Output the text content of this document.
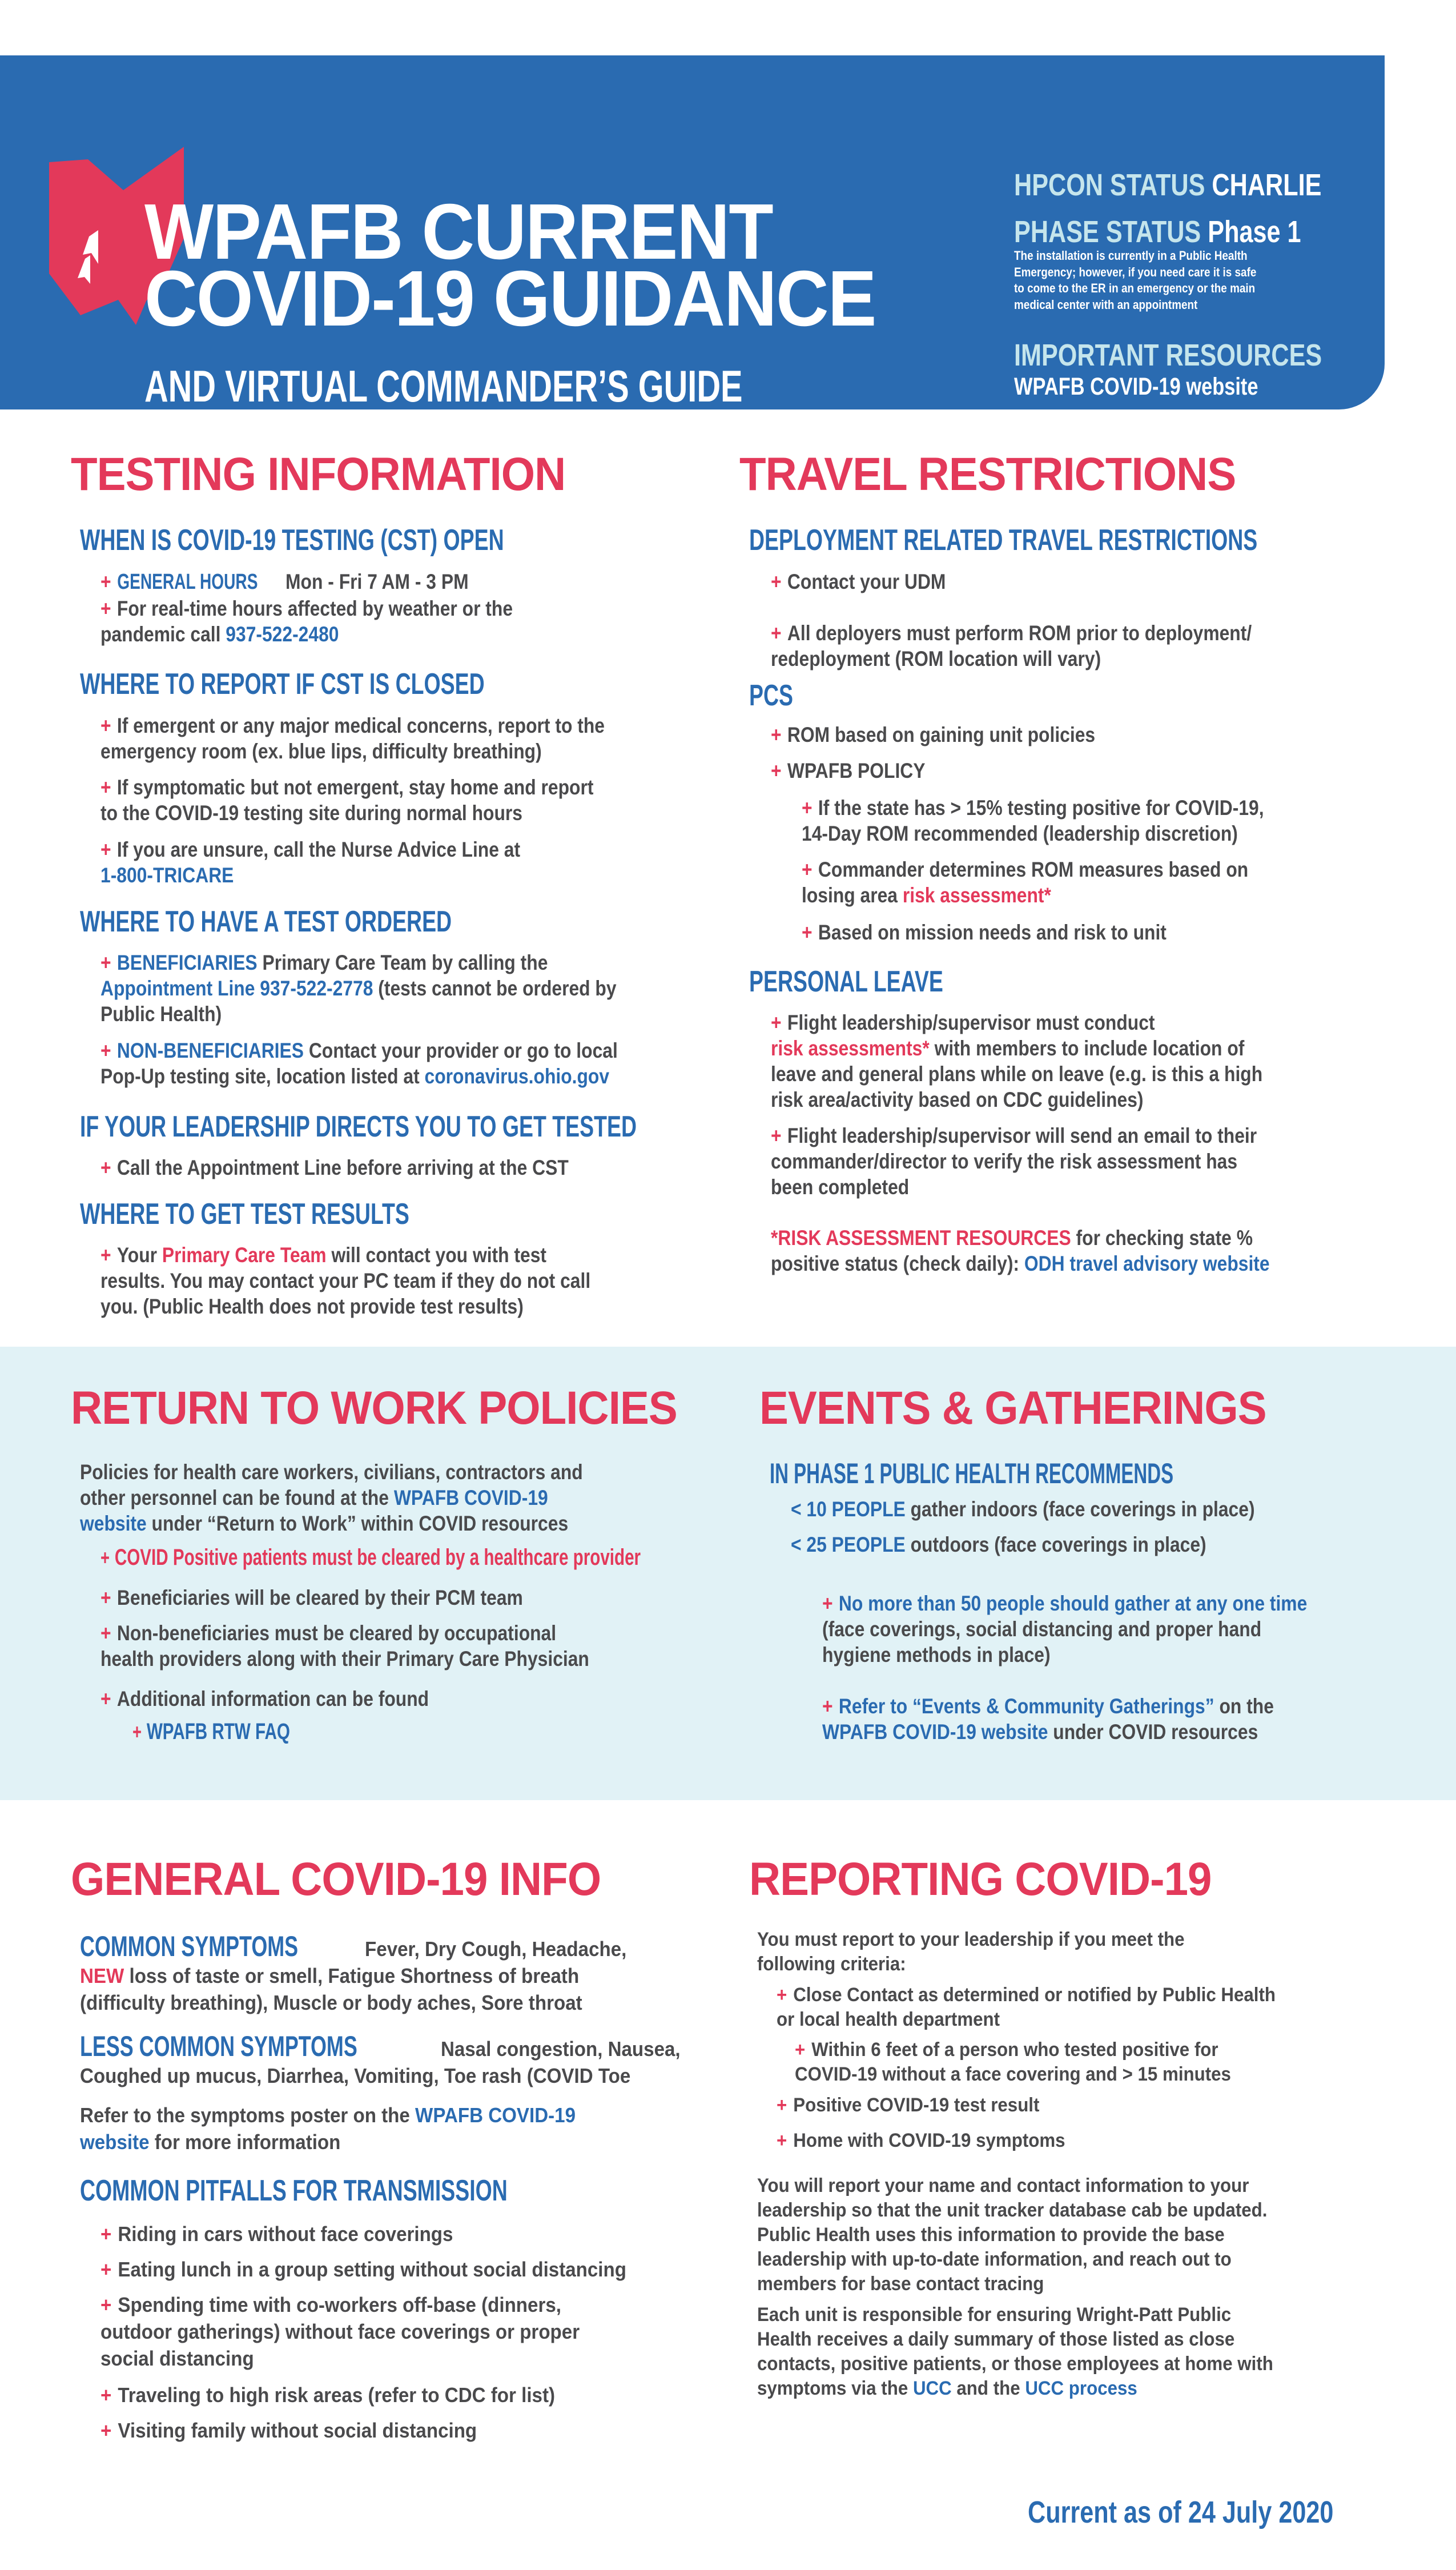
WPAFB CURRENT
COVID-19 GUIDANCE
AND VIRTUAL COMMANDER’S GUIDE
HPCON STATUS CHARLIE
PHASE STATUS Phase 1
The installation is currently in a Public Health
Emergency; however, if you need care it is safe
to come to the ER in an emergency or the main
medical center with an appointment
IMPORTANT RESOURCES
WPAFB COVID-19 website
TESTING INFORMATION
WHEN IS COVID-19 TESTING (CST) OPEN
+ GENERAL HOURS Mon - Fri 7 AM - 3 PM
+ For real-time hours affected by weather or the
pandemic call 937-522-2480
WHERE TO REPORT IF CST IS CLOSED
+ If emergent or any major medical concerns, report to the
emergency room (ex. blue lips, difficulty breathing)
+ If symptomatic but not emergent, stay home and report
to the COVID-19 testing site during normal hours
+ If you are unsure, call the Nurse Advice Line at
1-800-TRICARE
WHERE TO HAVE A TEST ORDERED
+ BENEFICIARIES Primary Care Team by calling the
Appointment Line 937-522-2778 (tests cannot be ordered by
Public Health)
+ NON-BENEFICIARIES Contact your provider or go to local
Pop-Up testing site, location listed at coronavirus.ohio.gov
IF YOUR LEADERSHIP DIRECTS YOU TO GET TESTED
+ Call the Appointment Line before arriving at the CST
WHERE TO GET TEST RESULTS
+ Your Primary Care Team will contact you with test
results. You may contact your PC team if they do not call
you. (Public Health does not provide test results)
TRAVEL RESTRICTIONS
DEPLOYMENT RELATED TRAVEL RESTRICTIONS
+ Contact your UDM
+ All deployers must perform ROM prior to deployment/
redeployment (ROM location will vary)
PCS
+ ROM based on gaining unit policies
+ WPAFB POLICY
+ If the state has > 15% testing positive for COVID-19,
14-Day ROM recommended (leadership discretion)
+ Commander determines ROM measures based on
losing area risk assessment*
+ Based on mission needs and risk to unit
PERSONAL LEAVE
+ Flight leadership/supervisor must conduct
risk assessments* with members to include location of
leave and general plans while on leave (e.g. is this a high
risk area/activity based on CDC guidelines)
+ Flight leadership/supervisor will send an email to their
commander/director to verify the risk assessment has
been completed
*RISK ASSESSMENT RESOURCES for checking state %
positive status (check daily): ODH travel advisory website
RETURN TO WORK POLICIES
Policies for health care workers, civilians, contractors and
other personnel can be found at the WPAFB COVID-19
website under “Return to Work” within COVID resources
+ COVID Positive patients must be cleared by a healthcare provider
+ Beneficiaries will be cleared by their PCM team
+ Non-beneficiaries must be cleared by occupational
health providers along with their Primary Care Physician
+ Additional information can be found
+ WPAFB RTW FAQ
EVENTS & GATHERINGS
IN PHASE 1 PUBLIC HEALTH RECOMMENDS
< 10 PEOPLE gather indoors (face coverings in place)
< 25 PEOPLE outdoors (face coverings in place)
+ No more than 50 people should gather at any one time
(face coverings, social distancing and proper hand
hygiene methods in place)
+ Refer to “Events & Community Gatherings” on the
WPAFB COVID-19 website under COVID resources
GENERAL COVID-19 INFO
COMMON SYMPTOMS	Fever, Dry Cough, Headache,
NEW loss of taste or smell, Fatigue Shortness of breath
(difficulty breathing), Muscle or body aches, Sore throat
LESS COMMON SYMPTOMS	Nasal congestion, Nausea,
Coughed up mucus, Diarrhea, Vomiting, Toe rash (COVID Toe
Refer to the symptoms poster on the WPAFB COVID-19
website for more information
COMMON PITFALLS FOR TRANSMISSION
+ Riding in cars without face coverings
+ Eating lunch in a group setting without social distancing
+ Spending time with co-workers off-base (dinners,
outdoor gatherings) without face coverings or proper
social distancing
+ Traveling to high risk areas (refer to CDC for list)
+ Visiting family without social distancing
REPORTING COVID-19
You must report to your leadership if you meet the
following criteria:
+ Close Contact as determined or notified by Public Health
or local health department
+ Within 6 feet of a person who tested positive for
COVID-19 without a face covering and > 15 minutes
+ Positive COVID-19 test result
+ Home with COVID-19 symptoms
You will report your name and contact information to your
leadership so that the unit tracker database cab be updated.
Public Health uses this information to provide the base
leadership with up-to-date information, and reach out to
members for base contact tracing
Each unit is responsible for ensuring Wright-Patt Public
Health receives a daily summary of those listed as close
contacts, positive patients, or those employees at home with
symptoms via the UCC and the UCC process
Current as of 24 July 2020
